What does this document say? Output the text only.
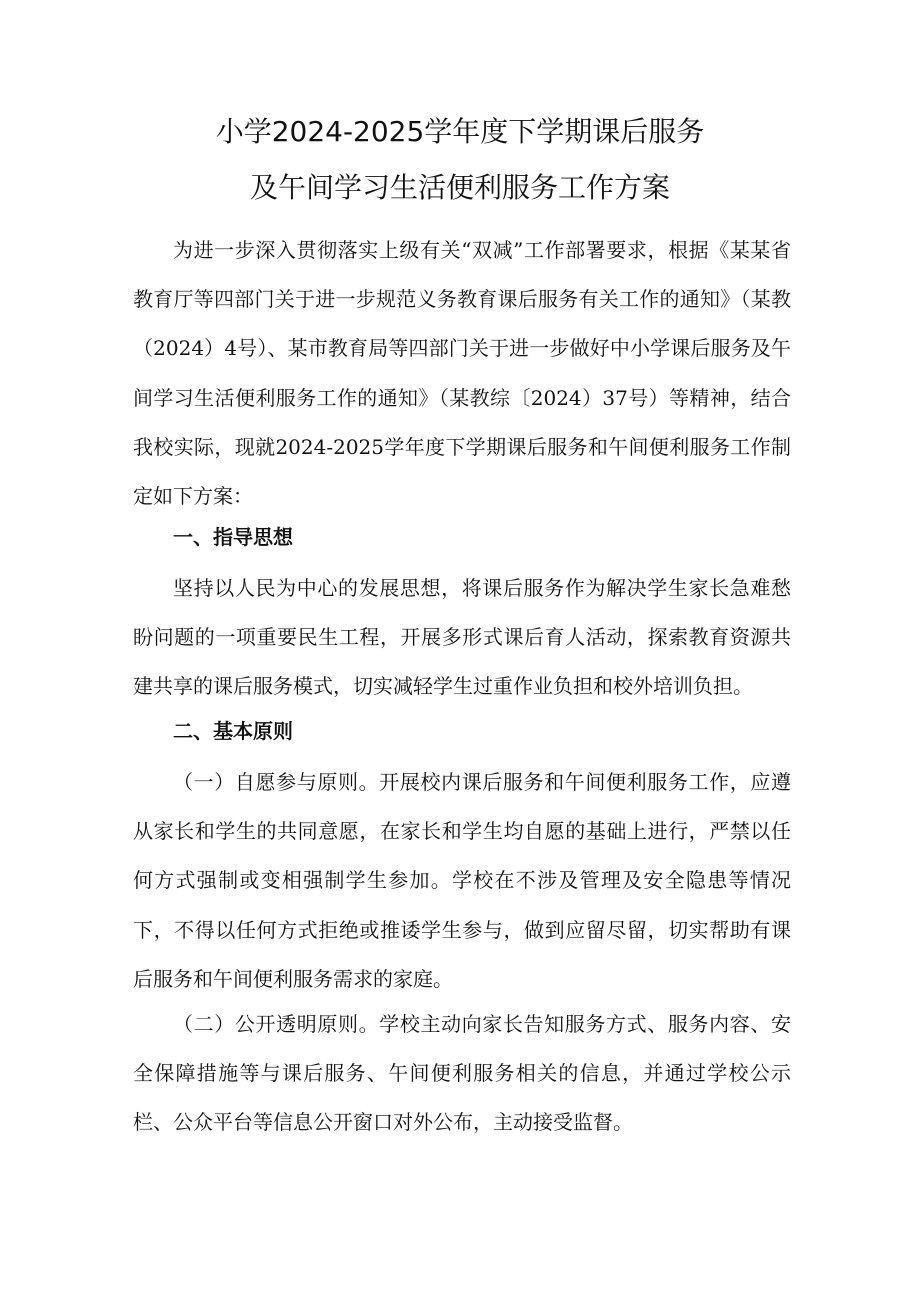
小学2024-2025学年度下学期课后服务
及午间学习生活便利服务工作方案

为进一步深入贯彻落实上级有关“双减”工作部署要求，根据《某某省教育厅等四部门关于进一步规范义务教育课后服务有关工作的通知》（某教（2024）4号）、某市教育局等四部门关于进一步做好中小学课后服务及午间学习生活便利服务工作的通知》（某教综〔2024）37号）等精神，结合我校实际，现就2024-2025学年度下学期课后服务和午间便利服务工作制定如下方案：

一、指导思想

坚持以人民为中心的发展思想，将课后服务作为解决学生家长急难愁盼问题的一项重要民生工程，开展多形式课后育人活动，探索教育资源共建共享的课后服务模式，切实减轻学生过重作业负担和校外培训负担。

二、基本原则

（一）自愿参与原则。开展校内课后服务和午间便利服务工作，应遵从家长和学生的共同意愿，在家长和学生均自愿的基础上进行，严禁以任何方式强制或变相强制学生参加。学校在不涉及管理及安全隐患等情况下，不得以任何方式拒绝或推诿学生参与，做到应留尽留，切实帮助有课后服务和午间便利服务需求的家庭。

（二）公开透明原则。学校主动向家长告知服务方式、服务内容、安全保障措施等与课后服务、午间便利服务相关的信息，并通过学校公示栏、公众平台等信息公开窗口对外公布，主动接受监督。
